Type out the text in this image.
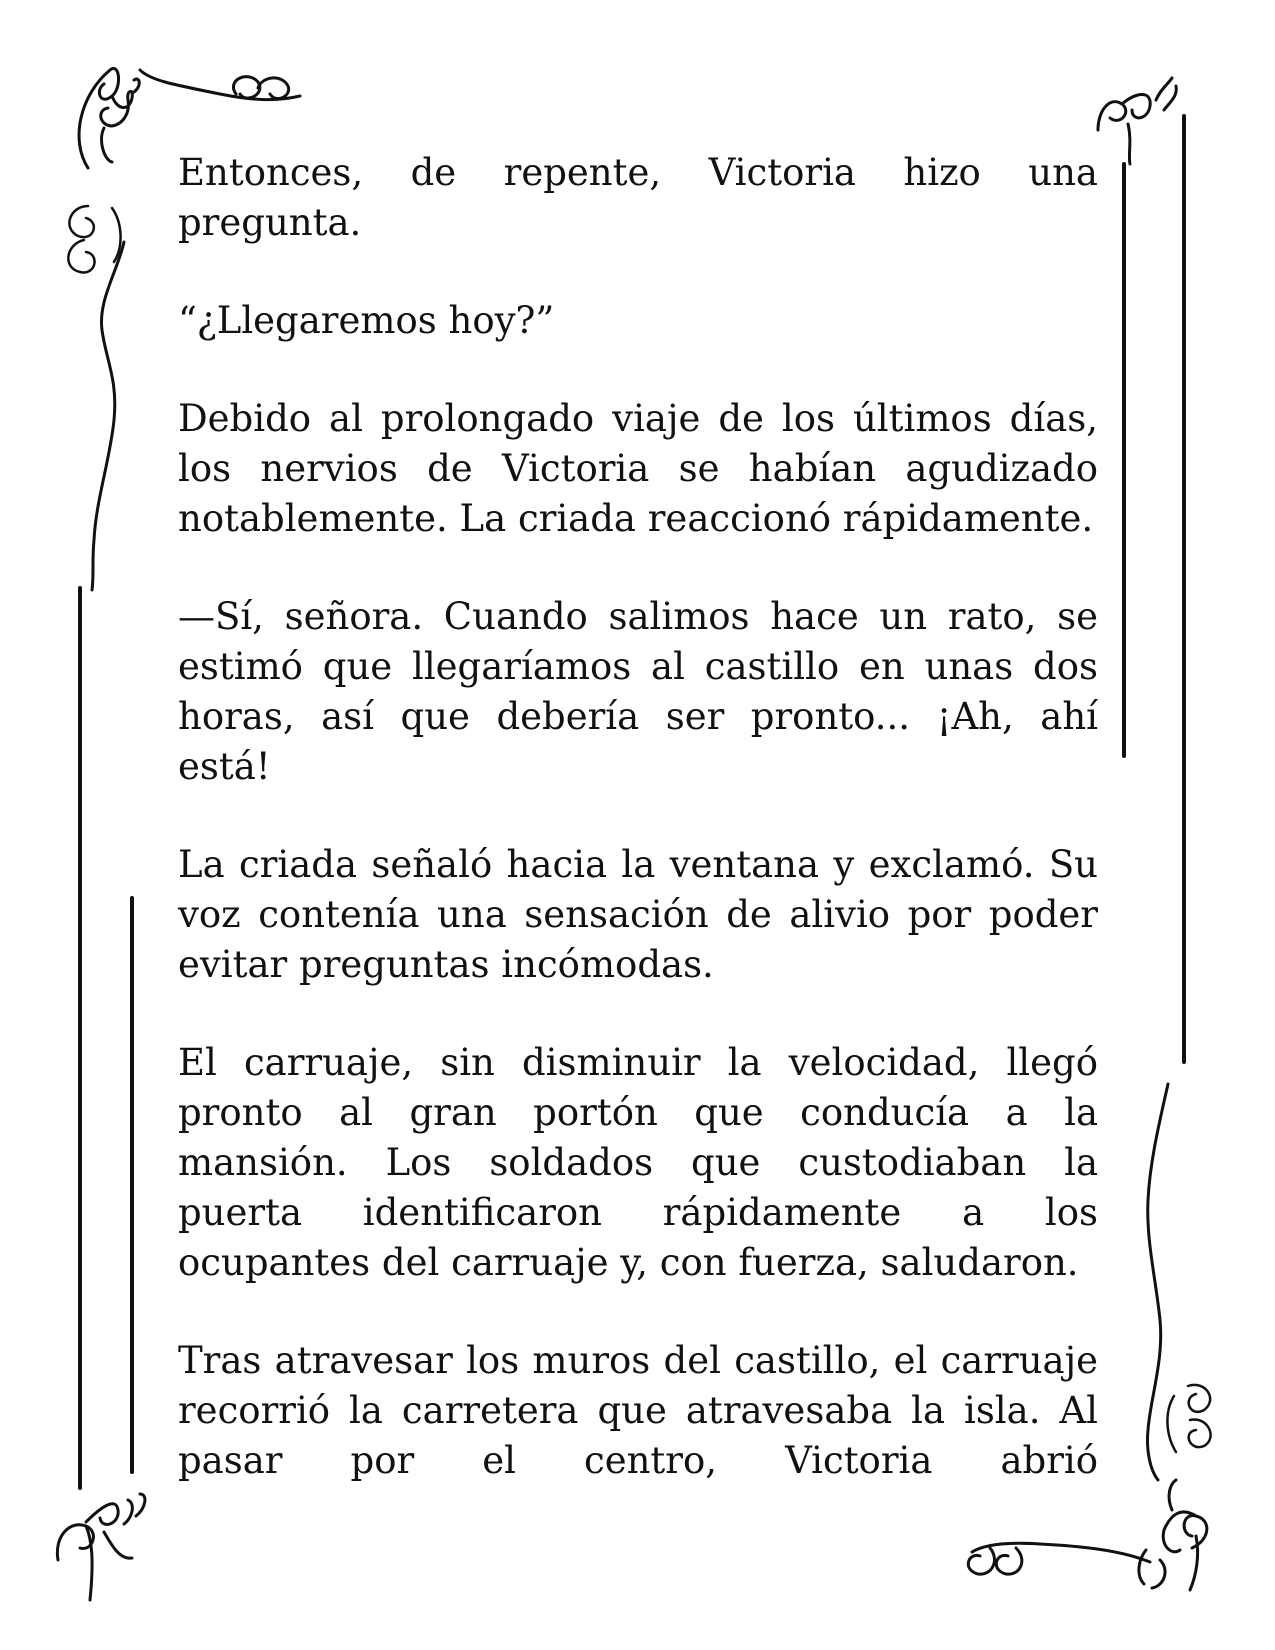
Entonces, de repente, Victoria hizo una pregunta.

“¿Llegaremos hoy?”

Debido al prolongado viaje de los últimos días, los nervios de Victoria se habían agudizado notablemente. La criada reaccionó rápidamente.

—Sí, señora. Cuando salimos hace un rato, se estimó que llegaríamos al castillo en unas dos horas, así que debería ser pronto... ¡Ah, ahí está!

La criada señaló hacia la ventana y exclamó. Su voz contenía una sensación de alivio por poder evitar preguntas incómodas.

El carruaje, sin disminuir la velocidad, llegó pronto al gran portón que conducía a la mansión. Los soldados que custodiaban la puerta identificaron rápidamente a los ocupantes del carruaje y, con fuerza, saludaron.

Tras atravesar los muros del castillo, el carruaje recorrió la carretera que atravesaba la isla. Al pasar por el centro, Victoria abrió
